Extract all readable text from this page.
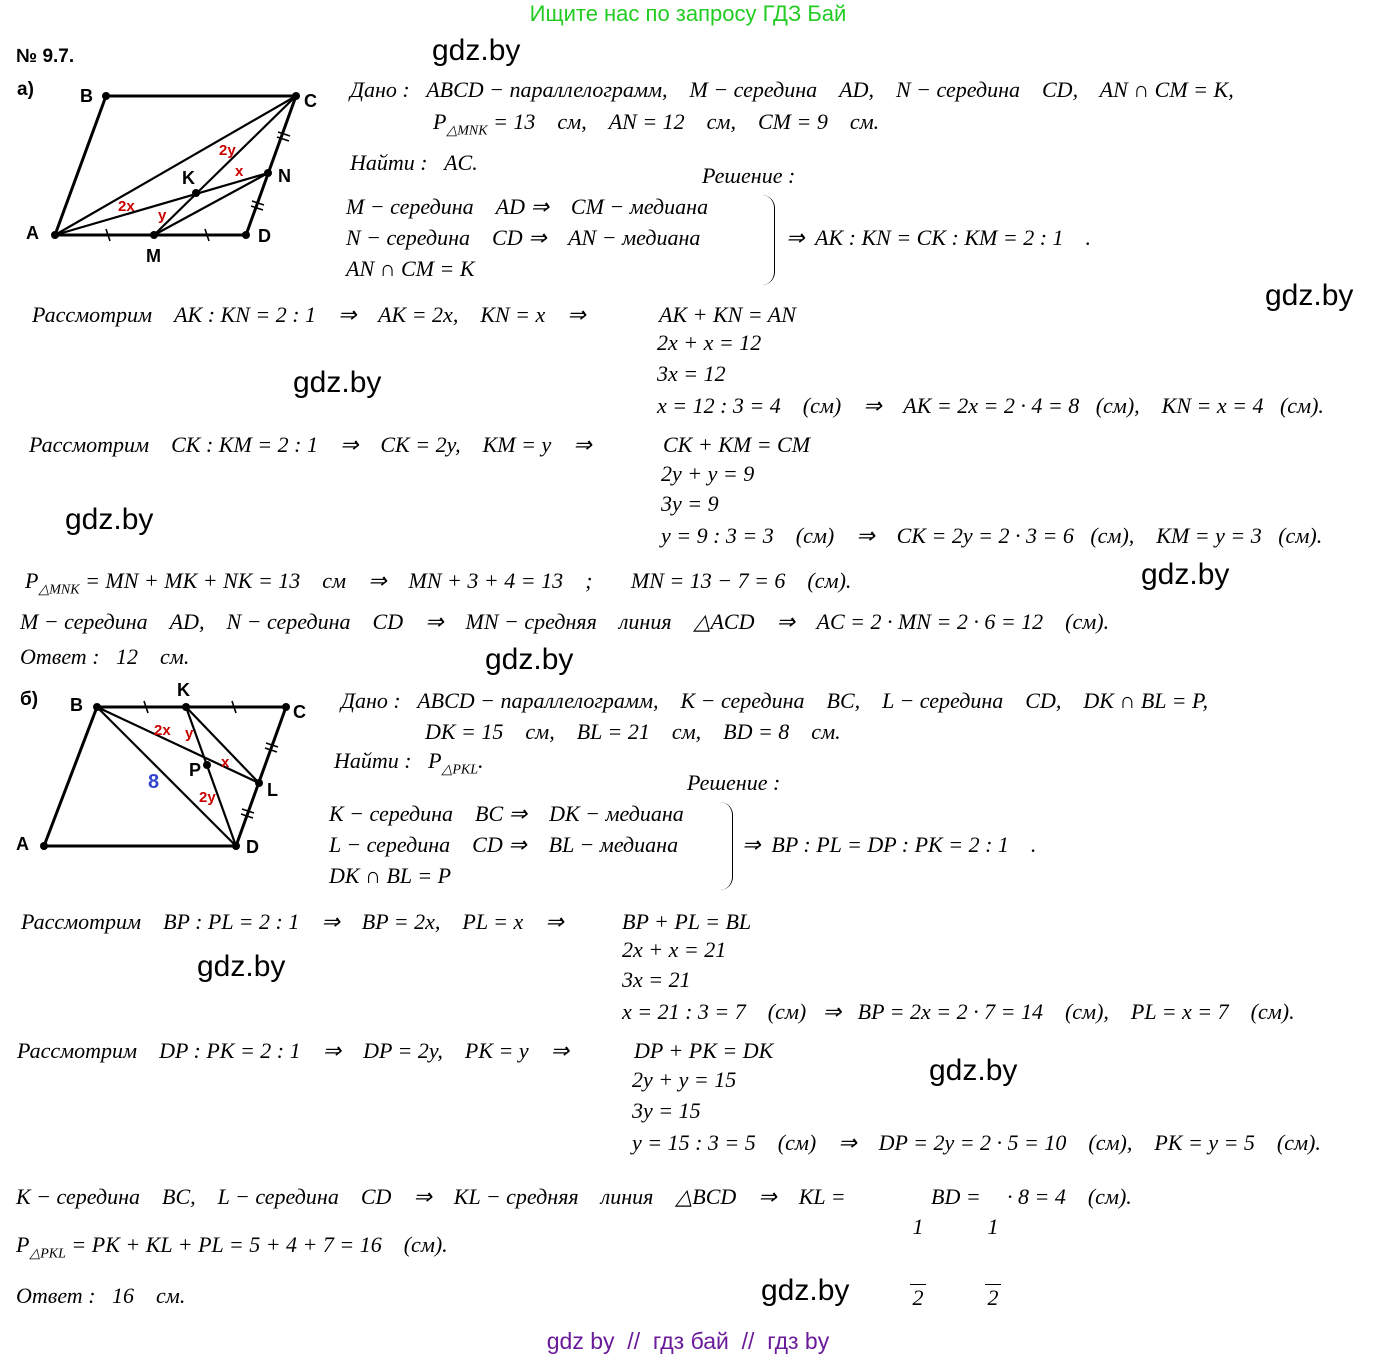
Ищите нас по запросу ГДЗ Бай
№ 9.7.	gdz.by
gdz.by
gdz.by
gdz.by
gdz.by
gdz.by
gdz.by
gdz.by
gdz.by
а)	B	C
A
M
D
K	N
2y
x
2x
y
Дано :   ABCD − параллелограмм,    M − середина    AD,    N − середина    CD,    AN ∩ CM = K,
$P_{\triangle MNK} = 13$    см,    AN = 12    см,    CM = 9    см.
Найти :   AC.
Решение :
M − середина    AD ⇒    CM − медиана
N − середина    CD ⇒    AN − медиана
AN ∩ CM = K
⇒  AK : KN = CK : KM = 2 : 1    .
Рассмотрим    AK : KN = 2 : 1    ⇒    AK = 2x,    KN = x    ⇒	AK + KN = AN
2x + x = 12
3x = 12
x = 12 : 3 = 4    (см)    ⇒    AK = 2x = 2 · 4 = 8   (см),    KN = x = 4   (см).
Рассмотрим    CK : KM = 2 : 1    ⇒    CK = 2y,    KM = y    ⇒	CK + KM = CM
2y + y = 9
3y = 9
y = 9 : 3 = 3    (см)    ⇒    CK = 2y = 2 · 3 = 6   (см),    KM = y = 3   (см).
$P_{\triangle MNK}$ = MN + MK + NK = 13    см    ⇒    MN + 3 + 4 = 13    ;       MN = 13 − 7 = 6    (см).
M − середина    AD,    N − середина    CD    ⇒    MN − средняя    линия    △ACD    ⇒    AC = 2 · MN = 2 · 6 = 12    (см).
Ответ :   12    см.
б) B
K
C
P
L
A	D
2x y
x
2y
8
Дано :   ABCD − параллелограмм,    K − середина    BC,    L − середина    CD,    DK ∩ BL = P,
DK = 15    см,    BL = 21    см,    BD = 8    см.
Найти :   $P_{\triangle PKL}$.
Решение :
K − середина    BC ⇒    DK − медиана
L − середина    CD ⇒    BL − медиана
DK ∩ BL = P
⇒  BP : PL = DP : PK = 2 : 1    .
Рассмотрим    BP : PL = 2 : 1    ⇒    BP = 2x,    PL = x    ⇒	BP + PL = BL
2x + x = 21
3x = 21
x = 21 : 3 = 7    (см)   ⇒   BP = 2x = 2 · 7 = 14    (см),    PL = x = 7    (см).
Рассмотрим    DP : PK = 2 : 1    ⇒    DP = 2y,    PK = y    ⇒	DP + PK = DK
2y + y = 15
3y = 15
y = 15 : 3 = 5    (см)    ⇒    DP = 2y = 2 · 5 = 10    (см),    PK = y = 5    (см).
K − середина    BC,    L − середина    CD    ⇒    KL − средняя    линия    △BCD    ⇒    KL =

1

2

BD =

1

2

· 8 = 4    (см).
$P_{\triangle PKL}$ = PK + KL + PL = 5 + 4 + 7 = 16    (см).
Ответ :   16    см.
gdz by  //  гдз бай  //  гдз by
